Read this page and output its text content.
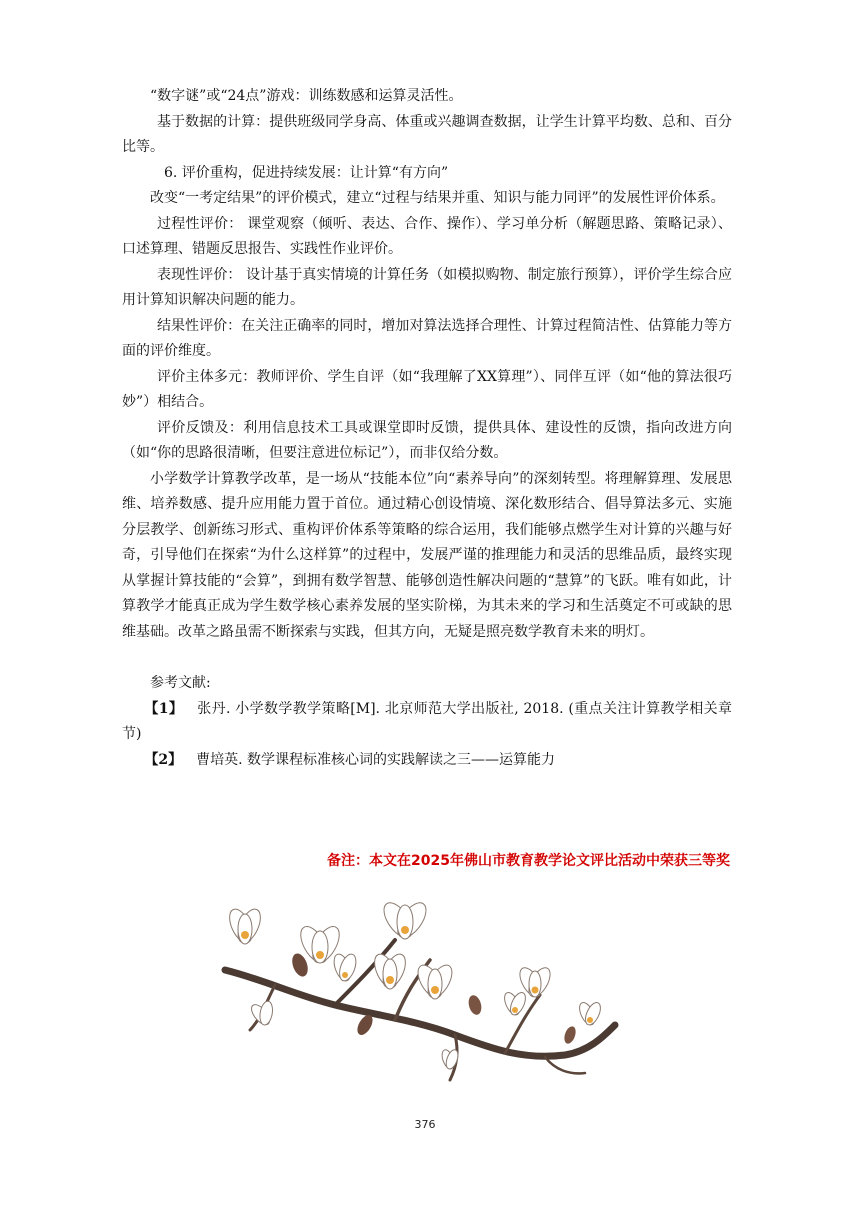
“数字谜”或“24点”游戏：训练数感和运算灵活性。

基于数据的计算：提供班级同学身高、体重或兴趣调查数据，让学生计算平均数、总和、百分比等。

6. 评价重构，促进持续发展：让计算“有方向”

改变“一考定结果”的评价模式，建立“过程与结果并重、知识与能力同评”的发展性评价体系。

过程性评价： 课堂观察（倾听、表达、合作、操作）、学习单分析（解题思路、策略记录）、口述算理、错题反思报告、实践性作业评价。

表现性评价： 设计基于真实情境的计算任务（如模拟购物、制定旅行预算），评价学生综合应用计算知识解决问题的能力。

结果性评价：在关注正确率的同时，增加对算法选择合理性、计算过程简洁性、估算能力等方面的评价维度。

评价主体多元：教师评价、学生自评（如“我理解了XX算理”）、同伴互评（如“他的算法很巧妙”）相结合。

评价反馈及：利用信息技术工具或课堂即时反馈，提供具体、建设性的反馈，指向改进方向（如“你的思路很清晰，但要注意进位标记”），而非仅给分数。

小学数学计算教学改革，是一场从“技能本位”向“素养导向”的深刻转型。将理解算理、发展思维、培养数感、提升应用能力置于首位。通过精心创设情境、深化数形结合、倡导算法多元、实施分层教学、创新练习形式、重构评价体系等策略的综合运用，我们能够点燃学生对计算的兴趣与好奇，引导他们在探索“为什么这样算”的过程中，发展严谨的推理能力和灵活的思维品质，最终实现从掌握计算技能的“会算”，到拥有数学智慧、能够创造性解决问题的“慧算”的飞跃。唯有如此，计算教学才能真正成为学生数学核心素养发展的坚实阶梯，为其未来的学习和生活奠定不可或缺的思维基础。改革之路虽需不断探索与实践，但其方向，无疑是照亮数学教育未来的明灯。

参考文献:

【1】 张丹. 小学数学教学策略[M]. 北京师范大学出版社, 2018. (重点关注计算教学相关章节)

【2】 曹培英. 数学课程标准核心词的实践解读之三——运算能力

备注：本文在2025年佛山市教育教学论文评比活动中荣获三等奖
376
